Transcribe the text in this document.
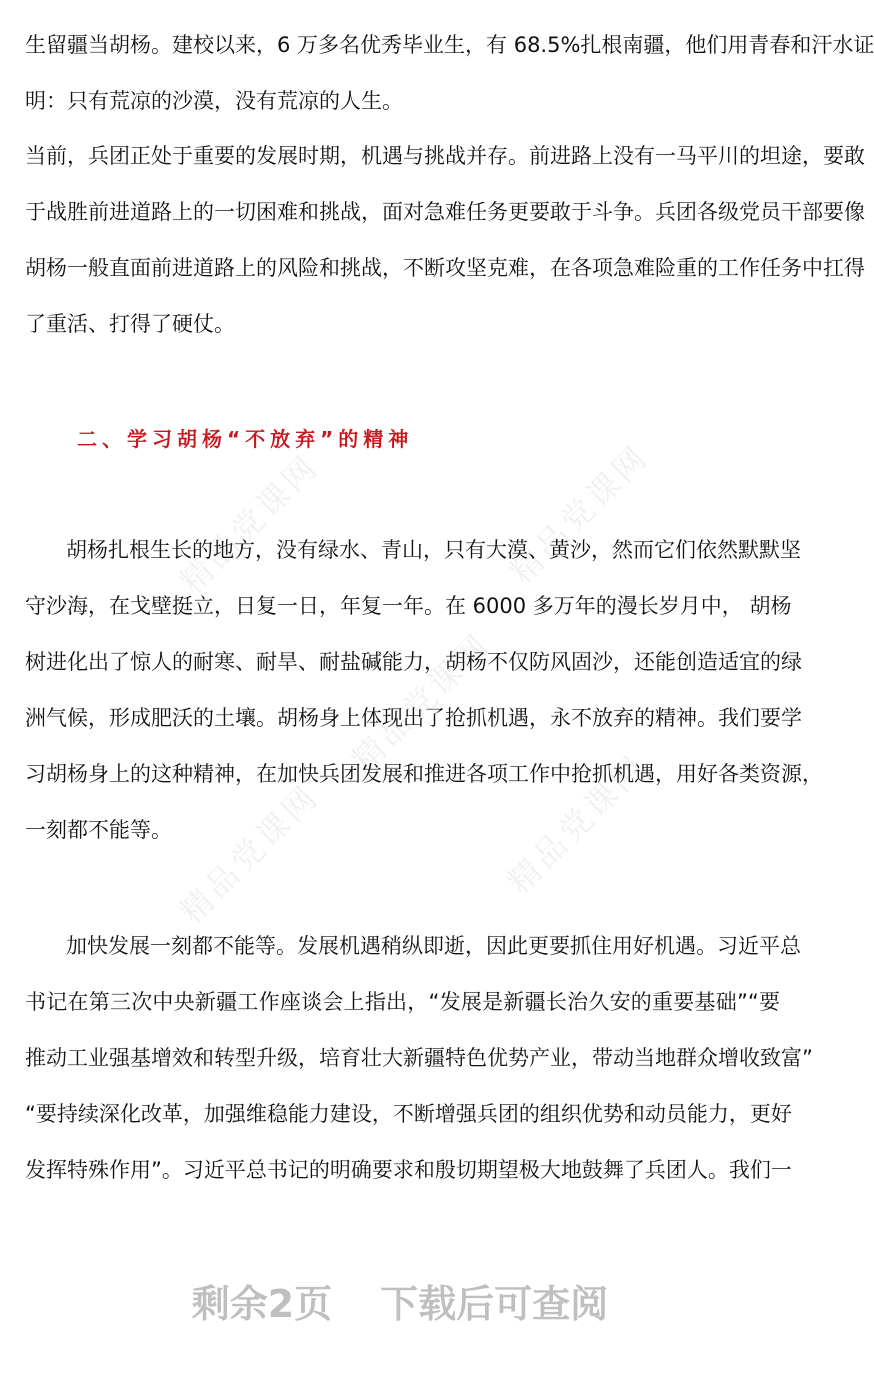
精品党课网	精品党课网
精品党课网
精品党课网	精品党课网
生留疆当胡杨。建校以来，6 万多名优秀毕业生，有 68.5%扎根南疆，他们用青春和汗水证
明：只有荒凉的沙漠，没有荒凉的人生。
当前，兵团正处于重要的发展时期，机遇与挑战并存。前进路上没有一马平川的坦途，要敢
于战胜前进道路上的一切困难和挑战，面对急难任务更要敢于斗争。兵团各级党员干部要像
胡杨一般直面前进道路上的风险和挑战，不断攻坚克难，在各项急难险重的工作任务中扛得
了重活、打得了硬仗。
二、学习胡杨“不放弃”的精神
胡杨扎根生长的地方，没有绿水、青山，只有大漠、黄沙，然而它们依然默默坚
守沙海，在戈壁挺立，日复一日，年复一年。在 6000 多万年的漫长岁月中， 胡杨
树进化出了惊人的耐寒、耐旱、耐盐碱能力，胡杨不仅防风固沙，还能创造适宜的绿
洲气候，形成肥沃的土壤。胡杨身上体现出了抢抓机遇，永不放弃的精神。我们要学
习胡杨身上的这种精神，在加快兵团发展和推进各项工作中抢抓机遇，用好各类资源，
一刻都不能等。
加快发展一刻都不能等。发展机遇稍纵即逝，因此更要抓住用好机遇。习近平总
书记在第三次中央新疆工作座谈会上指出，“发展是新疆长治久安的重要基础”“要
推动工业强基增效和转型升级，培育壮大新疆特色优势产业，带动当地群众增收致富”
“要持续深化改革，加强维稳能力建设，不断增强兵团的组织优势和动员能力，更好
发挥特殊作用”。习近平总书记的明确要求和殷切期望极大地鼓舞了兵团人。我们一
剩余2页 下载后可查阅
